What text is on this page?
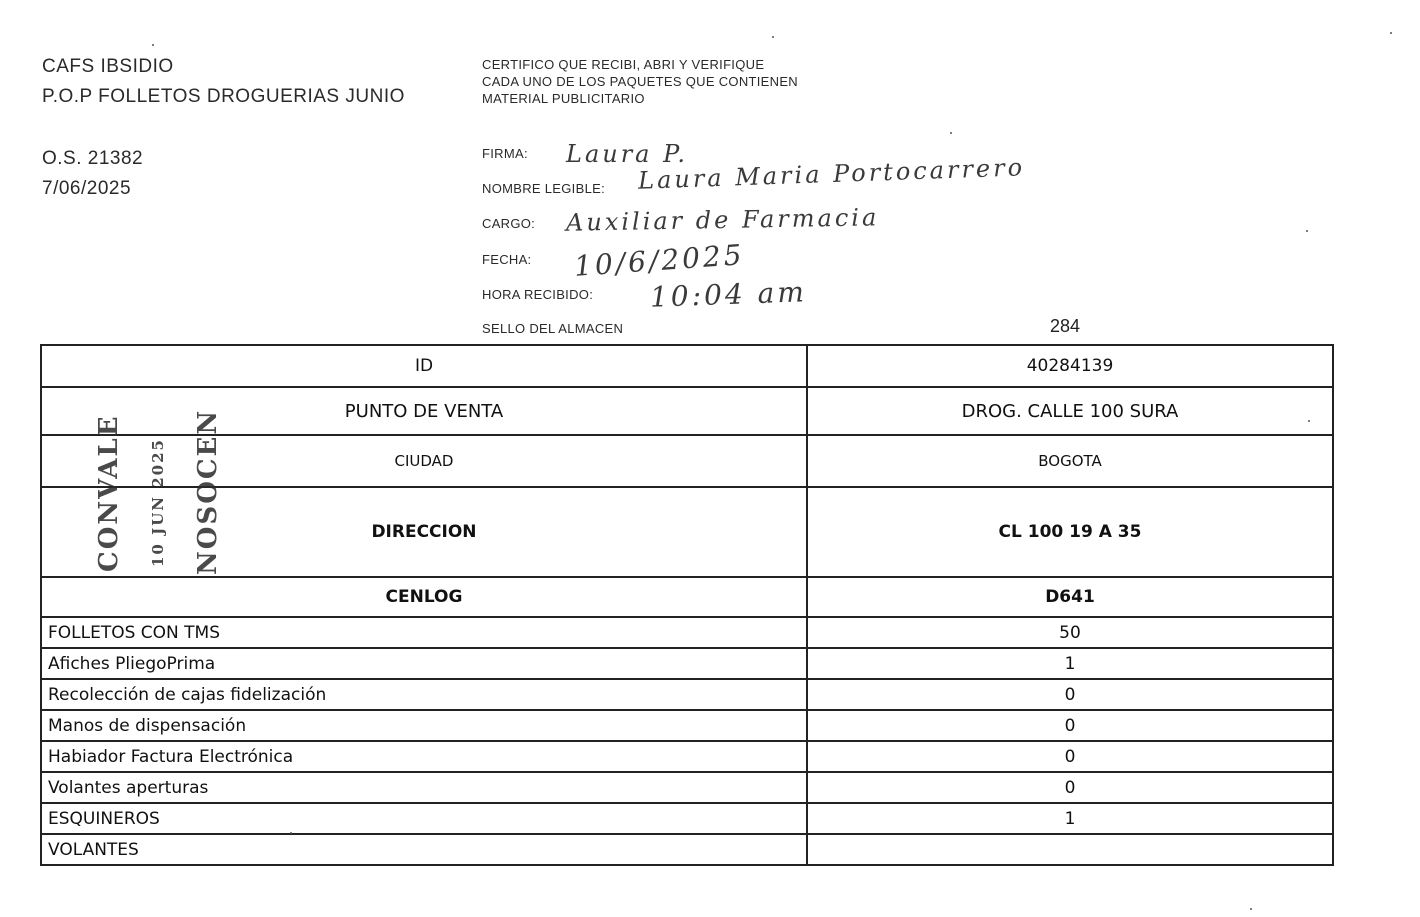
CAFS IBSIDIO
P.O.P FOLLETOS DROGUERIAS JUNIO
O.S. 21382
7/06/2025
CERTIFICO QUE RECIBI, ABRI Y VERIFIQUE CADA UNO DE LOS PAQUETES QUE CONTIENEN MATERIAL PUBLICITARIO
FIRMA: Laura P.
NOMBRE LEGIBLE: Laura Maria Portocarrero
CARGO: Auxiliar de Farmacia
FECHA: 10/6/2025
HORA RECIBIDO: 10:04 am
SELLO DEL ALMACEN	284
ID	40284139
PUNTO DE VENTA	DROG. CALLE 100 SURA
CIUDAD	BOGOTA
DIRECCION	CL 100 19 A 35
CENLOG	D641
FOLLETOS CON TMS	50
Afiches PliegoPrima	1
Recolección de cajas fidelización	0
Manos de dispensación	0
Habiador Factura Electrónica	0
Volantes aperturas	0
ESQUINEROS	1
VOLANTES	
CONVALE 10 JUN 2025 NOSOCEN
